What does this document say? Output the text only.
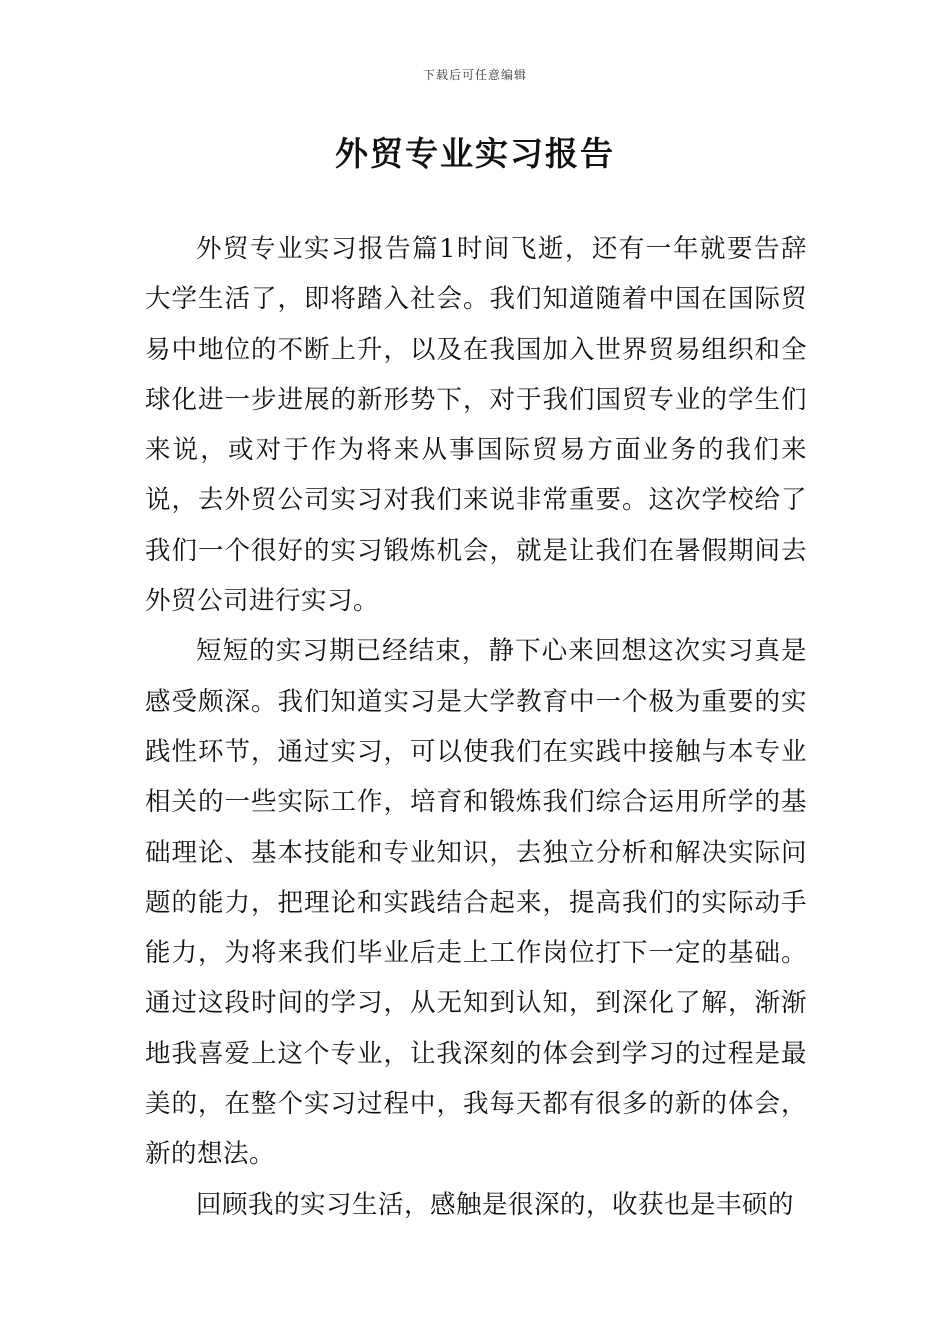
下载后可任意编辑
外贸专业实习报告

外贸专业实习报告篇1时间飞逝，还有一年就要告辞大学生活了，即将踏入社会。我们知道随着中国在国际贸易中地位的不断上升，以及在我国加入世界贸易组织和全球化进一步进展的新形势下，对于我们国贸专业的学生们来说，或对于作为将来从事国际贸易方面业务的我们来说，去外贸公司实习对我们来说非常重要。这次学校给了我们一个很好的实习锻炼机会，就是让我们在暑假期间去外贸公司进行实习。

短短的实习期已经结束，静下心来回想这次实习真是感受颇深。我们知道实习是大学教育中一个极为重要的实践性环节，通过实习，可以使我们在实践中接触与本专业相关的一些实际工作，培育和锻炼我们综合运用所学的基础理论、基本技能和专业知识，去独立分析和解决实际问题的能力，把理论和实践结合起来，提高我们的实际动手能力，为将来我们毕业后走上工作岗位打下一定的基础。通过这段时间的学习，从无知到认知，到深化了解，渐渐地我喜爱上这个专业，让我深刻的体会到学习的过程是最美的，在整个实习过程中，我每天都有很多的新的体会，新的想法。

回顾我的实习生活，感触是很深的，收获也是丰硕的
